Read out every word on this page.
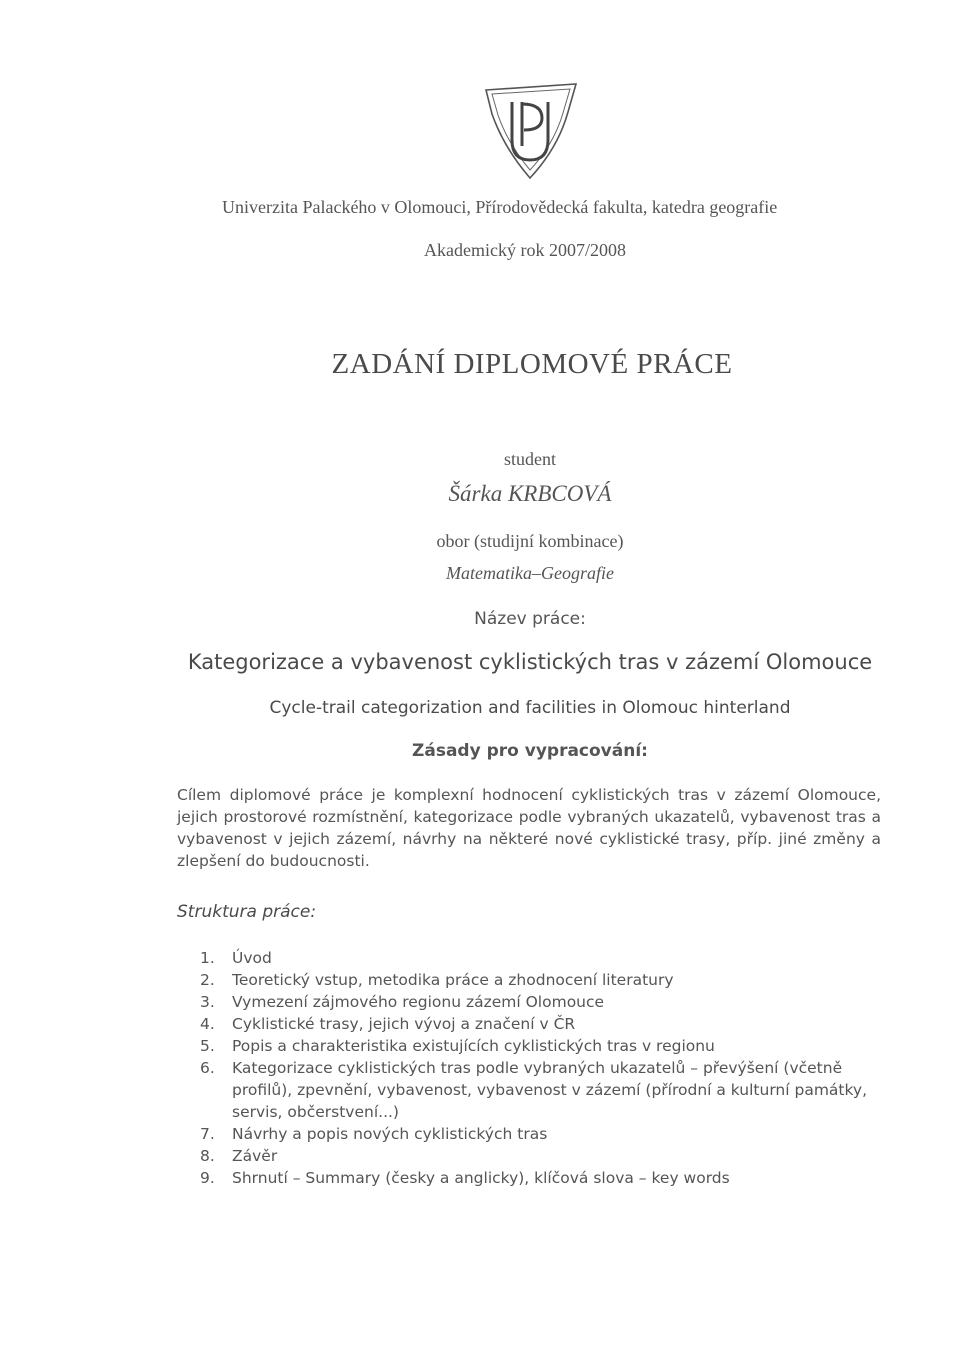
Univerzita Palackého v Olomouci, Přírodovědecká fakulta, katedra geografie
Akademický rok 2007/2008
ZADÁNÍ DIPLOMOVÉ PRÁCE
student
Šárka KRBCOVÁ
obor (studijní kombinace)
Matematika–Geografie
Název práce:
Kategorizace a vybavenost cyklistických tras v zázemí Olomouce
Cycle-trail categorization and facilities in Olomouc hinterland
Zásady pro vypracování:

Cílem diplomové práce je komplexní hodnocení cyklistických tras v zázemí Olomouce, jejich prostorové rozmístnění, kategorizace podle vybraných ukazatelů, vybavenost tras a vybavenost v jejich zázemí, návrhy na některé nové cyklistické trasy, příp. jiné změny a zlepšení do budoucnosti.

Struktura práce:

1.	Úvod
2.	Teoretický vstup, metodika práce a zhodnocení literatury
3.	Vymezení zájmového regionu zázemí Olomouce
4.	Cyklistické trasy, jejich vývoj a značení v ČR
5.	Popis a charakteristika existujících cyklistických tras v regionu
6.	Kategorizace cyklistických tras podle vybraných ukazatelů – převýšení (včetně profilů), zpevnění, vybavenost, vybavenost v zázemí (přírodní a kulturní památky, servis, občerstvení...)
7.	Návrhy a popis nových cyklistických tras
8.	Závěr
9.	Shrnutí – Summary (česky a anglicky), klíčová slova – key words
